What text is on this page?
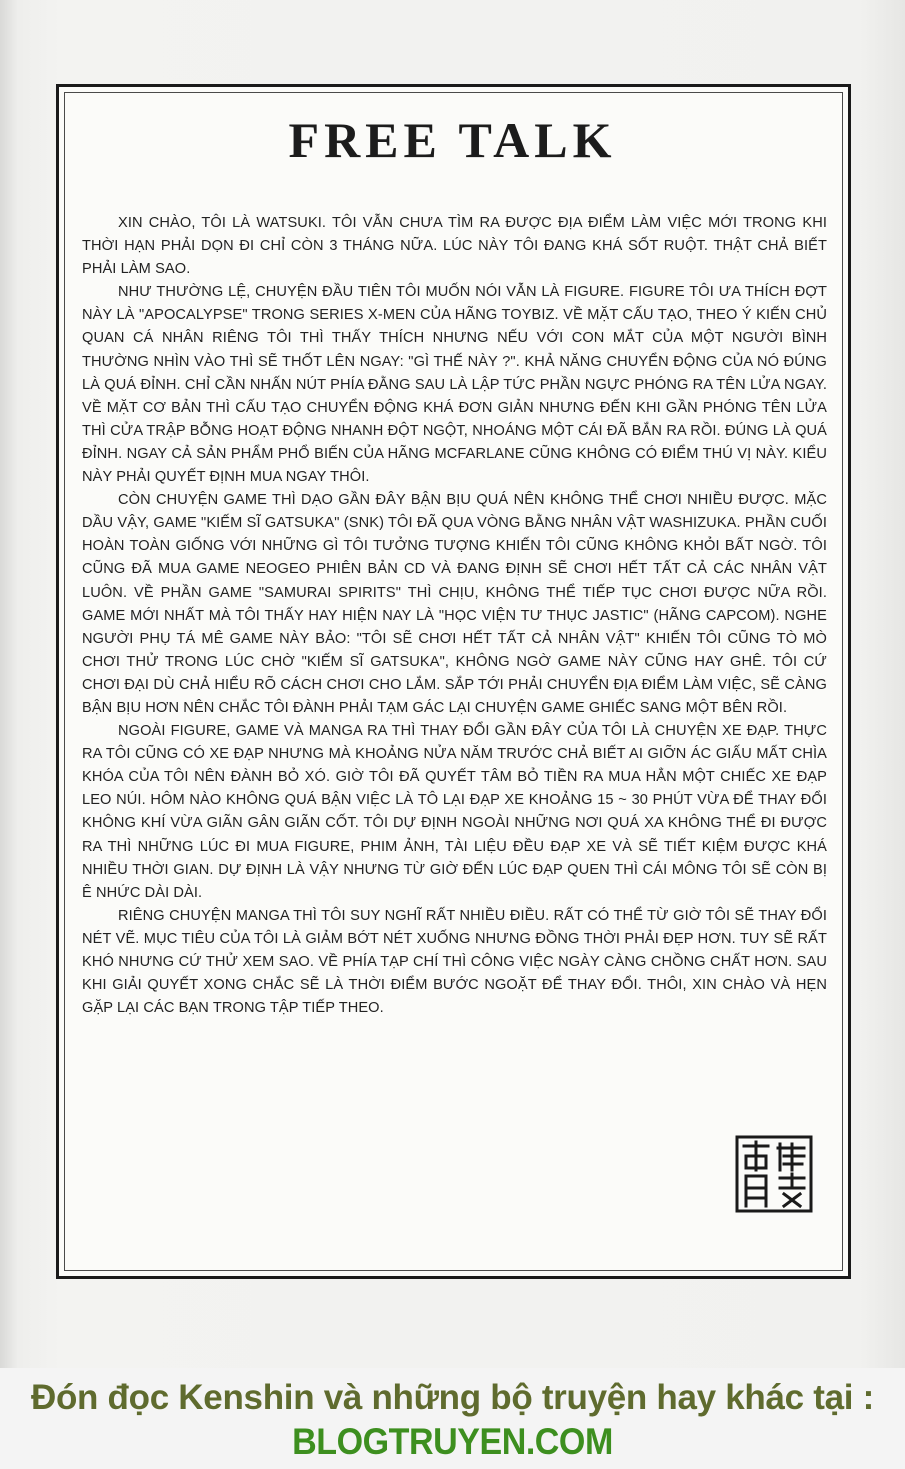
FREE TALK

XIN CHÀO, TÔI LÀ WATSUKI. TÔI VẪN CHƯA TÌM RA ĐƯỢC ĐỊA ĐIỂM LÀM VIỆC MỚI TRONG KHI THỜI HẠN PHẢI DỌN ĐI CHỈ CÒN 3 THÁNG NỮA. LÚC NÀY TÔI ĐANG KHÁ SỐT RUỘT. THẬT CHẢ BIẾT PHẢI LÀM SAO.

NHƯ THƯỜNG LỆ, CHUYỆN ĐẦU TIÊN TÔI MUỐN NÓI VẪN LÀ FIGURE. FIGURE TÔI ƯA THÍCH ĐỢT NÀY LÀ "APOCALYPSE" TRONG SERIES X-MEN CỦA HÃNG TOYBIZ. VỀ MẶT CẤU TẠO, THEO Ý KIẾN CHỦ QUAN CÁ NHÂN RIÊNG TÔI THÌ THẤY THÍCH NHƯNG NẾU VỚI CON MẮT CỦA MỘT NGƯỜI BÌNH THƯỜNG NHÌN VÀO THÌ SẼ THỐT LÊN NGAY: "GÌ THẾ NÀY ?". KHẢ NĂNG CHUYỂN ĐỘNG CỦA NÓ ĐÚNG LÀ QUÁ ĐỈNH. CHỈ CẦN NHẤN NÚT PHÍA ĐẰNG SAU LÀ LẬP TỨC PHẦN NGỰC PHÓNG RA TÊN LỬA NGAY. VỀ MẶT CƠ BẢN THÌ CẤU TẠO CHUYỂN ĐỘNG KHÁ ĐƠN GIẢN NHƯNG ĐẾN KHI GẦN PHÓNG TÊN LỬA THÌ CỬA TRẬP BỖNG HOẠT ĐỘNG NHANH ĐỘT NGỘT, NHOÁNG MỘT CÁI ĐÃ BẮN RA RỒI. ĐÚNG LÀ QUÁ ĐỈNH. NGAY CẢ SẢN PHẨM PHỔ BIẾN CỦA HÃNG MCFARLANE CŨNG KHÔNG CÓ ĐIỂM THÚ VỊ NÀY. KIỂU NÀY PHẢI QUYẾT ĐỊNH MUA NGAY THÔI.

CÒN CHUYỆN GAME THÌ DẠO GẦN ĐÂY BẬN BỊU QUÁ NÊN KHÔNG THỂ CHƠI NHIỀU ĐƯỢC. MẶC DẦU VẬY, GAME "KIẾM SĨ GATSUKA" (SNK) TÔI ĐÃ QUA VÒNG BẰNG NHÂN VẬT WASHIZUKA. PHẦN CUỐI HOÀN TOÀN GIỐNG VỚI NHỮNG GÌ TÔI TƯỞNG TƯỢNG KHIẾN TÔI CŨNG KHÔNG KHỎI BẤT NGỜ. TÔI CŨNG ĐÃ MUA GAME NEOGEO PHIÊN BẢN CD VÀ ĐANG ĐỊNH SẼ CHƠI HẾT TẤT CẢ CÁC NHÂN VẬT LUÔN. VỀ PHẦN GAME "SAMURAI SPIRITS" THÌ CHỊU, KHÔNG THỂ TIẾP TỤC CHƠI ĐƯỢC NỮA RỒI. GAME MỚI NHẤT MÀ TÔI THẤY HAY HIỆN NAY LÀ "HỌC VIỆN TƯ THỤC JASTIC" (HÃNG CAPCOM). NGHE NGƯỜI PHỤ TÁ MÊ GAME NÀY BẢO: "TÔI SẼ CHƠI HẾT TẤT CẢ NHÂN VẬT" KHIẾN TÔI CŨNG TÒ MÒ CHƠI THỬ TRONG LÚC CHỜ "KIẾM SĨ GATSUKA", KHÔNG NGỜ GAME NÀY CŨNG HAY GHÊ. TÔI CỨ CHƠI ĐẠI DÙ CHẢ HIỂU RÕ CÁCH CHƠI CHO LẮM. SẮP TỚI PHẢI CHUYỂN ĐỊA ĐIỂM LÀM VIỆC, SẼ CÀNG BẬN BỊU HƠN NÊN CHẮC TÔI ĐÀNH PHẢI TẠM GÁC LẠI CHUYỆN GAME GHIẾC SANG MỘT BÊN RỒI.

NGOÀI FIGURE, GAME VÀ MANGA RA THÌ THAY ĐỔI GẦN ĐÂY CỦA TÔI LÀ CHUYỆN XE ĐẠP. THỰC RA TÔI CŨNG CÓ XE ĐẠP NHƯNG MÀ KHOẢNG NỬA NĂM TRƯỚC CHẢ BIẾT AI GIỠN ÁC GIẤU MẤT CHÌA KHÓA CỦA TÔI NÊN ĐÀNH BỎ XÓ. GIỜ TÔI ĐÃ QUYẾT TÂM BỎ TIỀN RA MUA HẲN MỘT CHIẾC XE ĐẠP LEO NÚI. HÔM NÀO KHÔNG QUÁ BẬN VIỆC LÀ TÔ LẠI ĐẠP XE KHOẢNG 15 ~ 30 PHÚT VỪA ĐỂ THAY ĐỔI KHÔNG KHÍ VỪA GIÃN GÂN GIÃN CỐT. TÔI DỰ ĐỊNH NGOÀI NHỮNG NƠI QUÁ XA KHÔNG THỂ ĐI ĐƯỢC RA THÌ NHỮNG LÚC ĐI MUA FIGURE, PHIM ẢNH, TÀI LIỆU ĐỀU ĐẠP XE VÀ SẼ TIẾT KIỆM ĐƯỢC KHÁ NHIỀU THỜI GIAN. DỰ ĐỊNH LÀ VẬY NHƯNG TỪ GIỜ ĐẾN LÚC ĐẠP QUEN THÌ CÁI MÔNG TÔI SẼ CÒN BỊ Ê NHỨC DÀI DÀI.

RIÊNG CHUYỆN MANGA THÌ TÔI SUY NGHĨ RẤT NHIỀU ĐIỀU. RẤT CÓ THỂ TỪ GIỜ TÔI SẼ THAY ĐỔI NÉT VẼ. MỤC TIÊU CỦA TÔI LÀ GIẢM BỚT NÉT XUỐNG NHƯNG ĐỒNG THỜI PHẢI ĐẸP HƠN. TUY SẼ RẤT KHÓ NHƯNG CỨ THỬ XEM SAO. VỀ PHÍA TẠP CHÍ THÌ CÔNG VIỆC NGÀY CÀNG CHỒNG CHẤT HƠN. SAU KHI GIẢI QUYẾT XONG CHẮC SẼ LÀ THỜI ĐIỂM BƯỚC NGOẶT ĐỂ THAY ĐỔI. THÔI, XIN CHÀO VÀ HẸN GẶP LẠI CÁC BẠN TRONG TẬP TIẾP THEO.

Đón đọc Kenshin và những bộ truyện hay khác tại :
BLOGTRUYEN.COM
